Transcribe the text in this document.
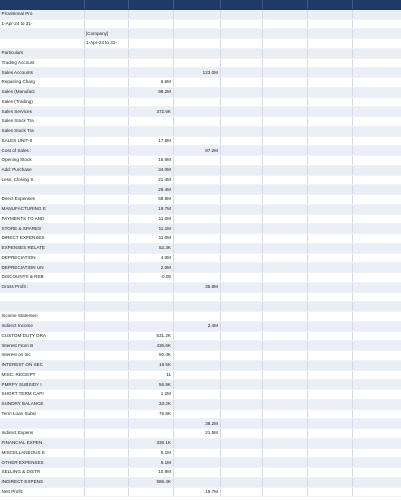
Provisional Pro							
1-Apr-24 to 31-							
	[Company]						
	1-Apr-24 to 31-						
Particulars							
Trading Account							
Sales Accounts			123.0M				
Repairing Charg		6.6M					
Sales (Manufact		98.2M					
Sales (Trading)							
Sales Services		372.6K					
Sales Stock Tra							
Sales Stock Tra							
SALES UNIT-II		17.8M					
Cost of Sales :			87.2M				
Opening Stock		15.9M					
Add: Purchase		34.0M					
Less: Closing S		21.4M					
		28.4M					
Direct Expenses		58.8M					
MANUFACTURING E		19.7M					
PAYMENTS TO AND		11.0M					
STORE & SPARES		11.1M					
DIRECT EXPENSES		11.0M					
EXPENSES RELATE		52.3K					
DEPRECIATION		4.0M					
DEPRECIATION UN		2.0M					
DISCOUNTS & REB		-0.08					
Gross Profit :			35.8M				

Income Statemen							
Indirect Income			2.4M				
CUSTOM DUTY DRA		531.2K					
Interest From B		436.6K					
Interest on Inc		50.4K					
INTEREST ON SEC		19.5K					
MISC. RECEIPT		11					
PMRPY SUBSIDY I		56.9K					
SHORT TERM CAPI		1.2M					
SUNDRY BALANCE		33.2K					
Term Loan Subsi		76.8K					
			38.2M				
Indirect Expens			21.5M				
FINANCIAL EXPEN		338.1K					
MISCELLANEOUS E		5.1M					
OTHER EXPENSES		5.1M					
SELLING & DISTR		10.9M					
INDIRECT EXPENS		596.4K					
Nett Profit:			16.7M				
